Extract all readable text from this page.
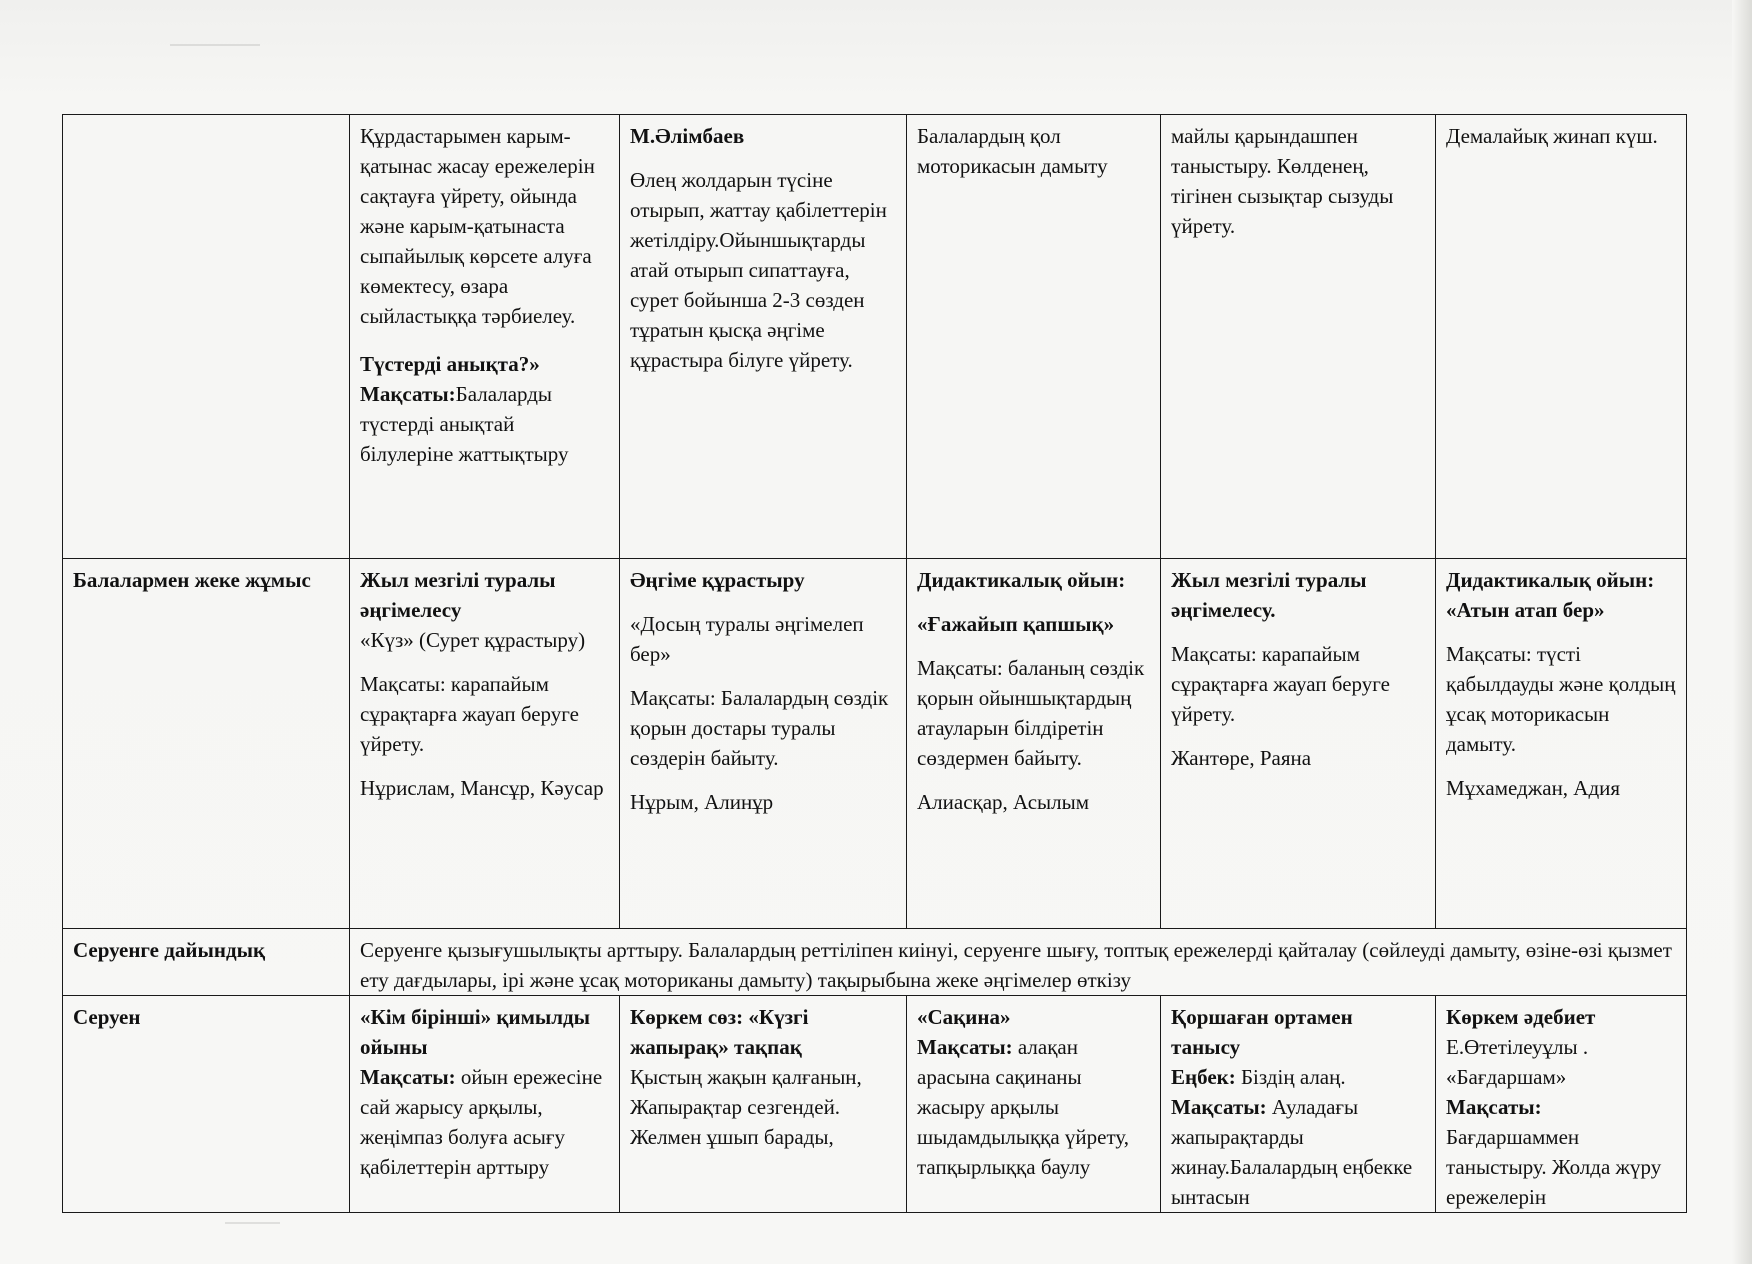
	Құрдастарымен карым-қатынас жасау ережелерін сақтауға үйрету, ойында және карым-қатынаста сыпайылық көрсете алуға көмектесу, өзара сыйластыққа тәрбиелеу.
Түстерді анықта?»
Мақсаты:Балаларды түстерді анықтай білулеріне жаттықтыру	М.Әлімбаев
Өлең жолдарын түсіне отырып, жаттау қабілеттерін жетілдіру.Ойыншықтарды атай отырып сипаттауға, сурет бойынша 2-3 сөзден тұратын қысқа әңгіме құрастыра білуге үйрету.	Балалардың қол моторикасын дамыту	майлы қарындашпен таныстыру. Көлденең, тігінен сызықтар сызуды үйрету.	Демалайық жинап күш.

Балалармен жеке жұмыс	Жыл мезгілі туралы әңгімелесу
«Күз» (Сурет құрастыру)
Мақсаты: карапайым сұрақтарға жауап беруге үйрету.
Нұрислам, Мансұр, Кәусар	Әңгіме құрастыру
«Досың туралы әңгімелеп бер»
Мақсаты: Балалардың сөздік қорын достары туралы сөздерін байыту.
Нұрым, Алинұр	Дидактикалық ойын:
«Ғажайып қапшық»
Мақсаты: баланың сөздік қорын ойыншықтардың атауларын білдіретін сөздермен байыту.
Алиасқар, Асылым	Жыл мезгілі туралы әңгімелесу.
Мақсаты: карапайым сұрақтарға жауап беруге үйрету.
Жантөре, Раяна	Дидактикалық ойын: «Атын атап бер»
Мақсаты: түсті қабылдауды және қолдың ұсақ моторикасын дамыту.
Мұхамеджан, Адия

Серуенге дайындық	Серуенге қызығушылықты арттыру. Балалардың реттіліпен киінуі, серуенге шығу, топтық ережелерді қайталау (сөйлеуді дамыту, өзіне-өзі қызмет ету дағдылары, ірі және ұсақ моториканы дамыту) тақырыбына жеке әңгімелер өткізу				
Серуен	«Кім бірінші» қимылды ойыны
Мақсаты: ойын ережесіне сай жарысу арқылы, жеңімпаз болуға асығу қабілеттерін арттыру	Көркем сөз: «Күзгі жапырақ» тақпақ
Қыстың жақын қалғанын, Жапырақтар сезгендей. Желмен ұшып барады,	«Сақина»
Мақсаты: алақан арасына сақинаны жасыру арқылы шыдамдылыққа үйрету, тапқырлыққа баулу	Қоршаған ортамен танысу
Еңбек: Біздің алаң.
Мақсаты: Ауладағы жапырақтарды жинау.Балалардың еңбекке ынтасын	Көркем әдебиет Е.Өтетілеуұлы . «Бағдаршам»
Мақсаты: Бағдаршаммен таныстыру. Жолда жүру ережелерін
